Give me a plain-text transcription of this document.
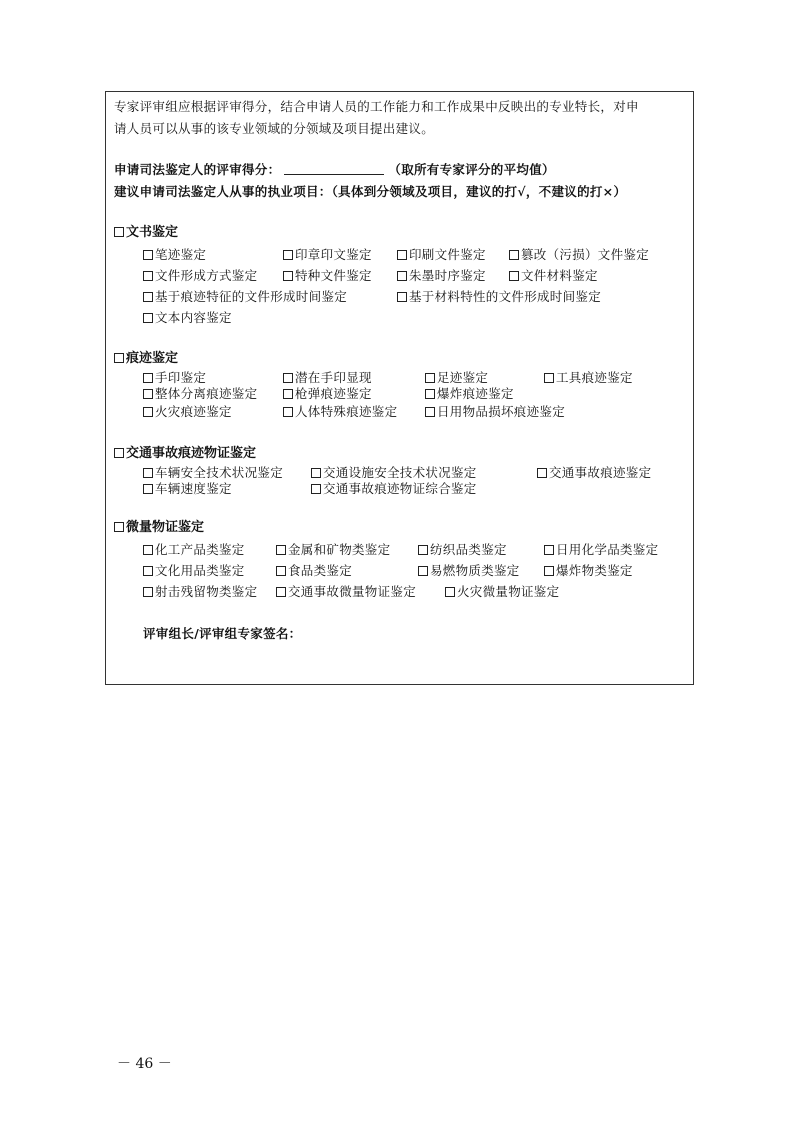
专家评审组应根据评审得分，结合申请人员的工作能力和工作成果中反映出的专业特长，对申
请人员可以从事的该专业领域的分领域及项目提出建议。
申请司法鉴定人的评审得分：	（取所有专家评分的平均值）
建议申请司法鉴定人从事的执业项目：（具体到分领域及项目，建议的打√，不建议的打×）
文书鉴定
笔迹鉴定	印章印文鉴定	印刷文件鉴定	篡改（污损）文件鉴定
文件形成方式鉴定	特种文件鉴定	朱墨时序鉴定	文件材料鉴定
基于痕迹特征的文件形成时间鉴定	基于材料特性的文件形成时间鉴定
文本内容鉴定
痕迹鉴定
手印鉴定	潜在手印显现	足迹鉴定	工具痕迹鉴定
整体分离痕迹鉴定	枪弹痕迹鉴定	爆炸痕迹鉴定
火灾痕迹鉴定	人体特殊痕迹鉴定	日用物品损坏痕迹鉴定
交通事故痕迹物证鉴定
车辆安全技术状况鉴定	交通设施安全技术状况鉴定	交通事故痕迹鉴定
车辆速度鉴定	交通事故痕迹物证综合鉴定
微量物证鉴定
化工产品类鉴定	金属和矿物类鉴定	纺织品类鉴定	日用化学品类鉴定
文化用品类鉴定	食品类鉴定	易燃物质类鉴定	爆炸物类鉴定
射击残留物类鉴定	交通事故微量物证鉴定	火灾微量物证鉴定
评审组长/评审组专家签名：
－ 46 －
